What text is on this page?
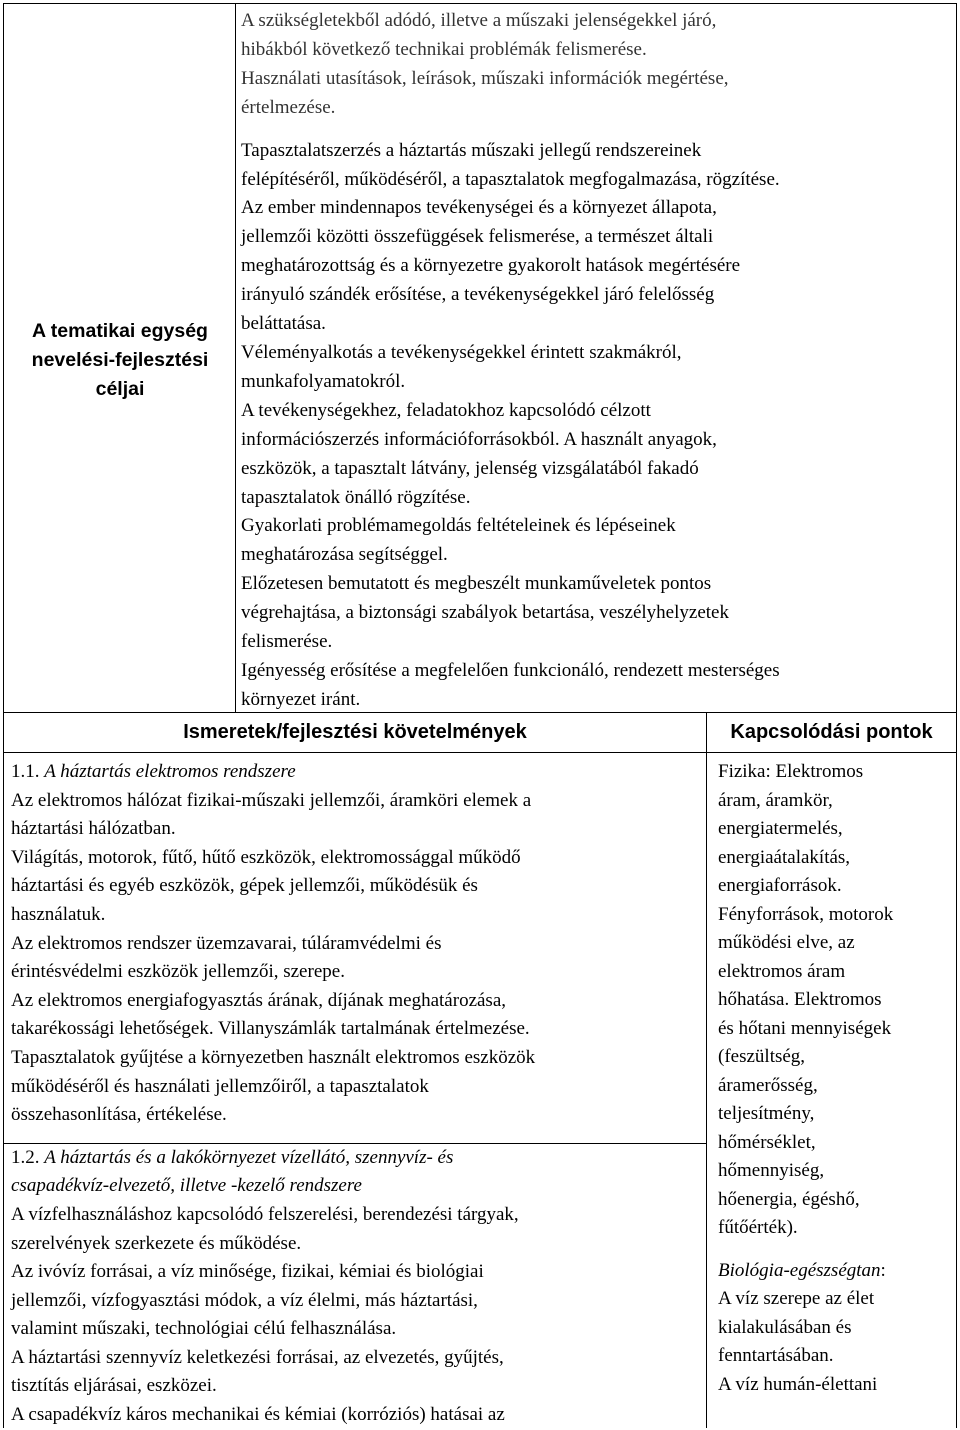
A tematikai egység
nevelési-fejlesztési
céljai

A szükségletekből adódó, illetve a műszaki jelenségekkel járó,
hibákból következő technikai problémák felismerése.
Használati utasítások, leírások, műszaki információk megértése,
értelmezése.

Tapasztalatszerzés a háztartás műszaki jellegű rendszereinek
felépítéséről, működéséről, a tapasztalatok megfogalmazása, rögzítése.
Az ember mindennapos tevékenységei és a környezet állapota,
jellemzői közötti összefüggések felismerése, a természet általi
meghatározottság és a környezetre gyakorolt hatások megértésére
irányuló szándék erősítése, a tevékenységekkel járó felelősség
beláttatása.
Véleményalkotás a tevékenységekkel érintett szakmákról,
munkafolyamatokról.
A tevékenységekhez, feladatokhoz kapcsolódó célzott
információszerzés információforrásokból. A használt anyagok,
eszközök, a tapasztalt látvány, jelenség vizsgálatából fakadó
tapasztalatok önálló rögzítése.
Gyakorlati problémamegoldás feltételeinek és lépéseinek
meghatározása segítséggel.
Előzetesen bemutatott és megbeszélt munkaműveletek pontos
végrehajtása, a biztonsági szabályok betartása, veszélyhelyzetek
felismerése.
Igényesség erősítése a megfelelően funkcionáló, rendezett mesterséges
környezet iránt.

Ismeretek/fejlesztési követelmények	Kapcsolódási pontok

1.1. A háztartás elektromos rendszere
Az elektromos hálózat fizikai-műszaki jellemzői, áramköri elemek a
háztartási hálózatban.
Világítás, motorok, fűtő, hűtő eszközök, elektromossággal működő
háztartási és egyéb eszközök, gépek jellemzői, működésük és
használatuk.
Az elektromos rendszer üzemzavarai, túláramvédelmi és
érintésvédelmi eszközök jellemzői, szerepe.
Az elektromos energiafogyasztás árának, díjának meghatározása,
takarékossági lehetőségek. Villanyszámlák tartalmának értelmezése.
Tapasztalatok gyűjtése a környezetben használt elektromos eszközök
működéséről és használati jellemzőiről, a tapasztalatok
összehasonlítása, értékelése.

1.2. A háztartás és a lakókörnyezet vízellátó, szennyvíz- és
csapadékvíz-elvezető, illetve -kezelő rendszere
A vízfelhasználáshoz kapcsolódó felszerelési, berendezési tárgyak,
szerelvények szerkezete és működése.
Az ivóvíz forrásai, a víz minősége, fizikai, kémiai és biológiai
jellemzői, vízfogyasztási módok, a víz élelmi, más háztartási,
valamint műszaki, technológiai célú felhasználása.
A háztartási szennyvíz keletkezési forrásai, az elvezetés, gyűjtés,
tisztítás eljárásai, eszközei.
A csapadékvíz káros mechanikai és kémiai (korróziós) hatásai az

Fizika: Elektromos
áram, áramkör,
energiatermelés,
energiaátalakítás,
energiaforrások.
Fényforrások, motorok
működési elve, az
elektromos áram
hőhatása. Elektromos
és hőtani mennyiségek
(feszültség,
áramerősség,
teljesítmény,
hőmérséklet,
hőmennyiség,
hőenergia, égéshő,
fűtőérték).

Biológia-egészségtan:
A víz szerepe az élet
kialakulásában és
fenntartásában.
A víz humán-élettani
